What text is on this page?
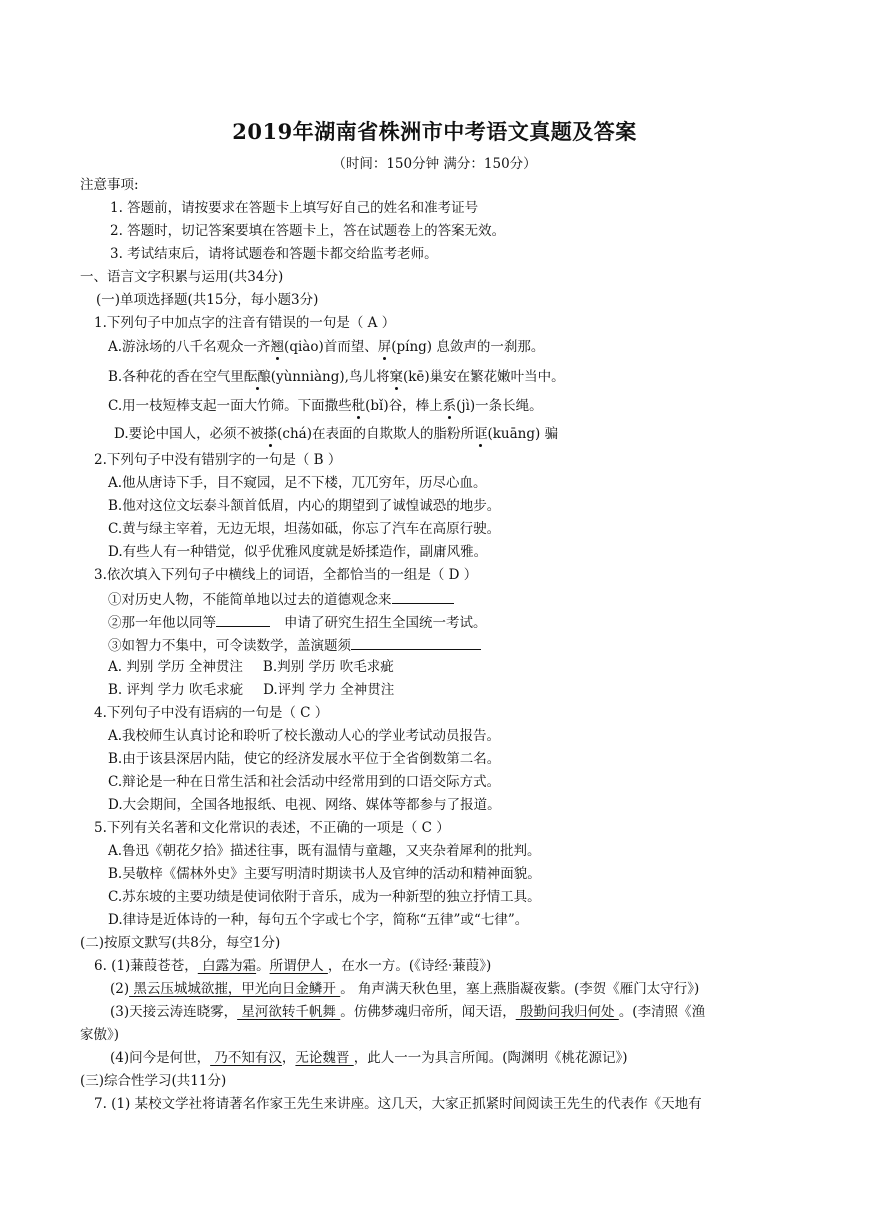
2019年湖南省株洲市中考语文真题及答案
（时间：150分钟 满分：150分）
注意事项:
1. 答题前，请按要求在答题卡上填写好自己的姓名和准考证号
2. 答题时，切记答案要填在答题卡上，答在试题卷上的答案无效。
3. 考试结束后，请将试题卷和答题卡都交给监考老师。
一、语言文字积累与运用(共34分)
(一)单项选择题(共15分，每小题3分)
1.下列句子中加点字的注音有错误的一句是（ A ）
A.游泳场的八千名观众一齐翘(qiào)首而望、屏(píng) 息敛声的一刹那。
B.各种花的香在空气里酝酿(yùnniàng),鸟儿将窠(kē)巢安在繁花嫩叶当中。
C.用一枝短棒支起一面大竹筛。下面撒些秕(bǐ)谷，棒上系(jì)一条长绳。
D.要论中国人，必须不被搽(chá)在表面的自欺欺人的脂粉所诓(kuāng) 骗
2.下列句子中没有错别字的一句是（ B ）
A.他从唐诗下手，目不窥园，足不下楼，兀兀穷年，历尽心血。
B.他对这位文坛泰斗颔首低眉，内心的期望到了诚惶诚恐的地步。
C.黄与绿主宰着，无边无垠，坦荡如砥，你忘了汽车在高原行驶。
D.有些人有一种错觉，似乎优雅风度就是娇揉造作，副庸风雅。
3.依次填入下列句子中横线上的词语，全都恰当的一组是（ D ）
①对历史人物，不能简单地以过去的道德观念来
②那一年他以同等	申请了研究生招生全国统一考试。
③如智力不集中，可令读数学，盖演题须
A. 判别 学历 全神贯注 B.判别 学历 吹毛求疵
B. 评判 学力 吹毛求疵 D.评判 学力 全神贯注
4.下列句子中没有语病的一句是（ C ）
A.我校师生认真讨论和聆听了校长激动人心的学业考试动员报告。
B.由于该县深居内陆，使它的经济发展水平位于全省倒数第二名。
C.辩论是一种在日常生活和社会活动中经常用到的口语交际方式。
D.大会期间，全国各地报纸、电视、网络、媒体等都参与了报道。
5.下列有关名著和文化常识的表述，不正确的一项是（ C ）
A.鲁迅《朝花夕拾》描述往事，既有温情与童趣，又夹杂着犀利的批判。
B.吴敬梓《儒林外史》主要写明清时期读书人及官绅的活动和精神面貌。
C.苏东坡的主要功绩是使词依附于音乐，成为一种新型的独立抒情工具。
D.律诗是近体诗的一种，每句五个字或七个字，简称“五律”或“七律”。
(二)按原文默写(共8分，每空1分)
6. (1)蒹葭苍苍， 白露为霜。所谓伊人 ，在水一方。(《诗经·蒹葭》)
(2) 黑云压城城欲摧，甲光向日金鳞开 。 角声满天秋色里，塞上燕脂凝夜紫。(李贺《雁门太守行》)
(3)天接云涛连晓雾， 星河欲转千帆舞 。仿佛梦魂归帝所，闻天语， 殷勤问我归何处 。(李清照《渔
家傲》)
(4)问今是何世， 乃不知有汉，无论魏晋 ，此人一一为具言所闻。(陶渊明《桃花源记》)
(三)综合性学习(共11分)
7. (1) 某校文学社将请著名作家王先生来讲座。这几天，大家正抓紧时间阅读王先生的代表作《天地有
